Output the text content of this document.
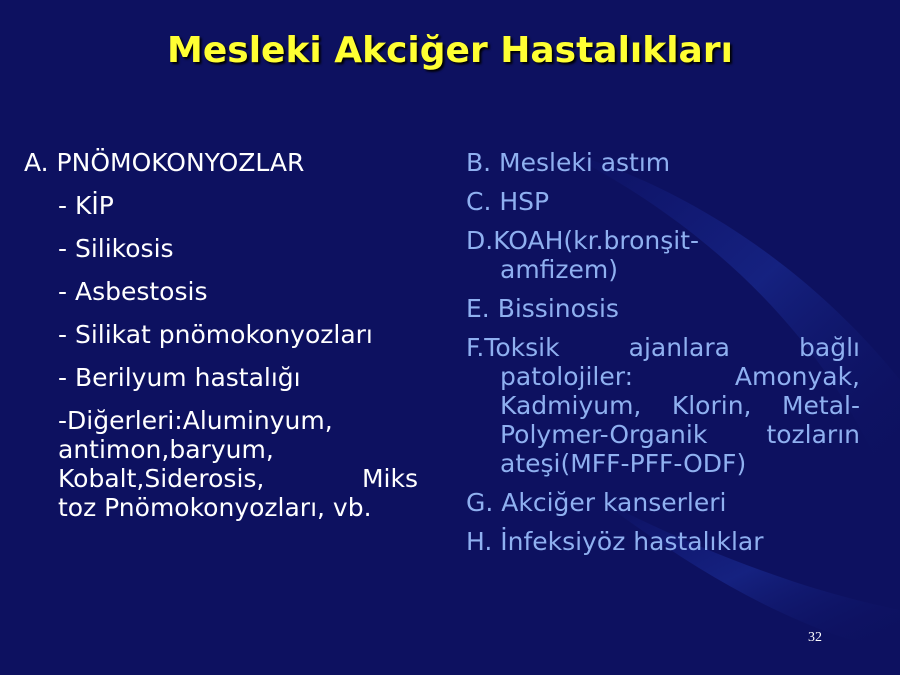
Mesleki Akciğer Hastalıkları
A. PNÖMOKONYOZLAR
- KİP
- Silikosis
- Asbestosis
- Silikat pnömokonyozları
- Berilyum hastalığı
-Diğerleri:Aluminyum,
antimon,baryum,
Kobalt,Siderosis,	Miks
toz Pnömokonyozları, vb.
B. Mesleki astım
C. HSP
D.KOAH(kr.bronşit-
amfizem)
E. Bissinosis
F.Toksik	ajanlara	bağlı
patolojiler:	Amonyak,
Kadmiyum, Klorin, Metal-
Polymer-Organik tozların
ateşi(MFF-PFF-ODF)
G. Akciğer kanserleri
H. İnfeksiyöz hastalıklar
32
